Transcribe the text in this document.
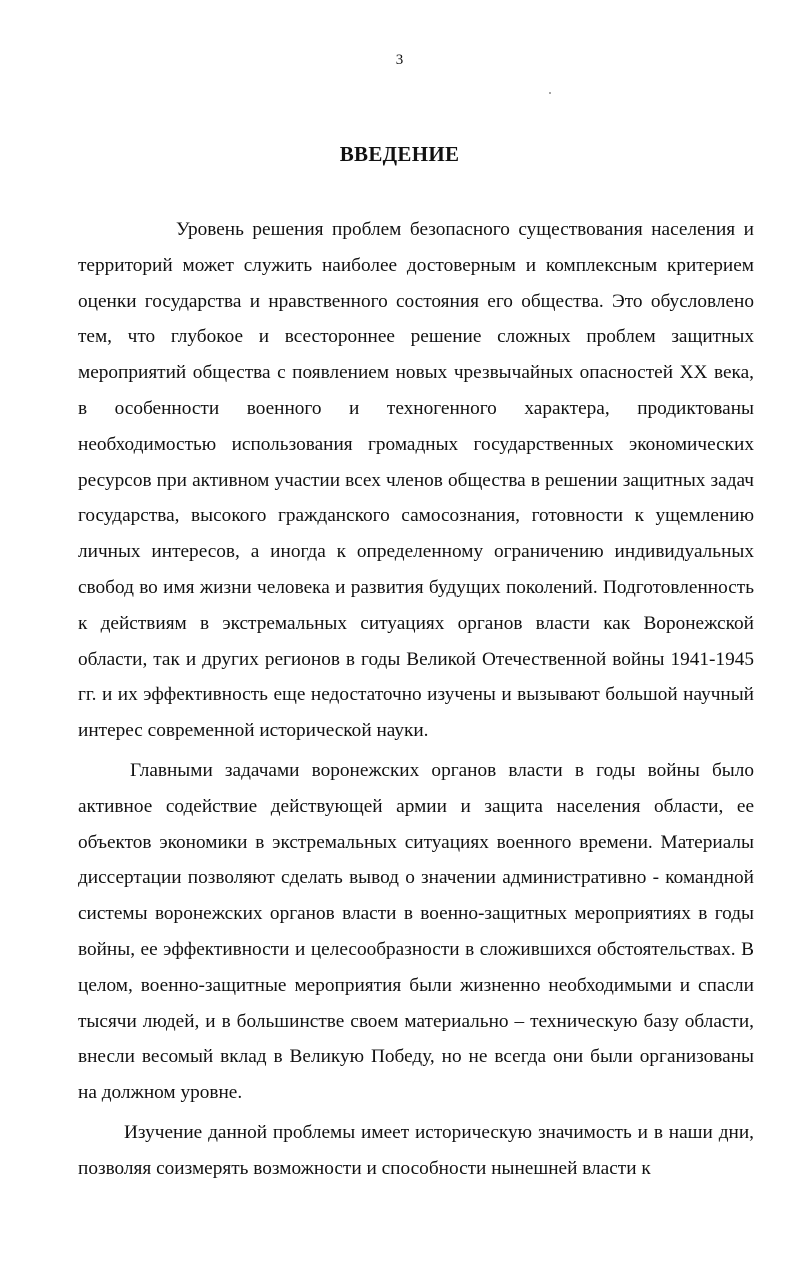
3
ВВЕДЕНИЕ

Уровень решения проблем безопасного существования населения и территорий может служить наиболее достоверным и комплексным критерием оценки государства и нравственного состояния его общества. Это обусловлено тем, что глубокое и всестороннее решение сложных проблем защитных мероприятий общества с появлением новых чрезвычайных опасностей XX века, в особенности военного и техногенного характера, продиктованы необходимостью использования громадных государственных экономических ресурсов при активном участии всех членов общества в решении защитных задач государства, высокого гражданского самосознания, готовности к ущемлению личных интересов, а иногда к определенному ограничению индивидуальных свобод во имя жизни человека и развития будущих поколений. Подготовленность к действиям в экстремальных ситуациях органов власти как Воронежской области, так и других регионов в годы Великой Отечественной войны 1941-1945 гг. и их эффективность еще недостаточно изучены и вызывают большой научный интерес современной исторической науки.

Главными задачами воронежских органов власти в годы войны было активное содействие действующей армии и защита населения области, ее объектов экономики в экстремальных ситуациях военного времени. Материалы диссертации позволяют сделать вывод о значении административно - командной системы воронежских органов власти в военно-защитных мероприятиях в годы войны, ее эффективности и целесообразности в сложившихся обстоятельствах. В целом, военно-защитные мероприятия были жизненно необходимыми и спасли тысячи людей, и в большинстве своем материально – техническую базу области, внесли весомый вклад в Великую Победу, но не всегда они были организованы на должном уровне.

Изучение данной проблемы имеет историческую значимость и в наши дни, позволяя соизмерять возможности и способности нынешней власти к
